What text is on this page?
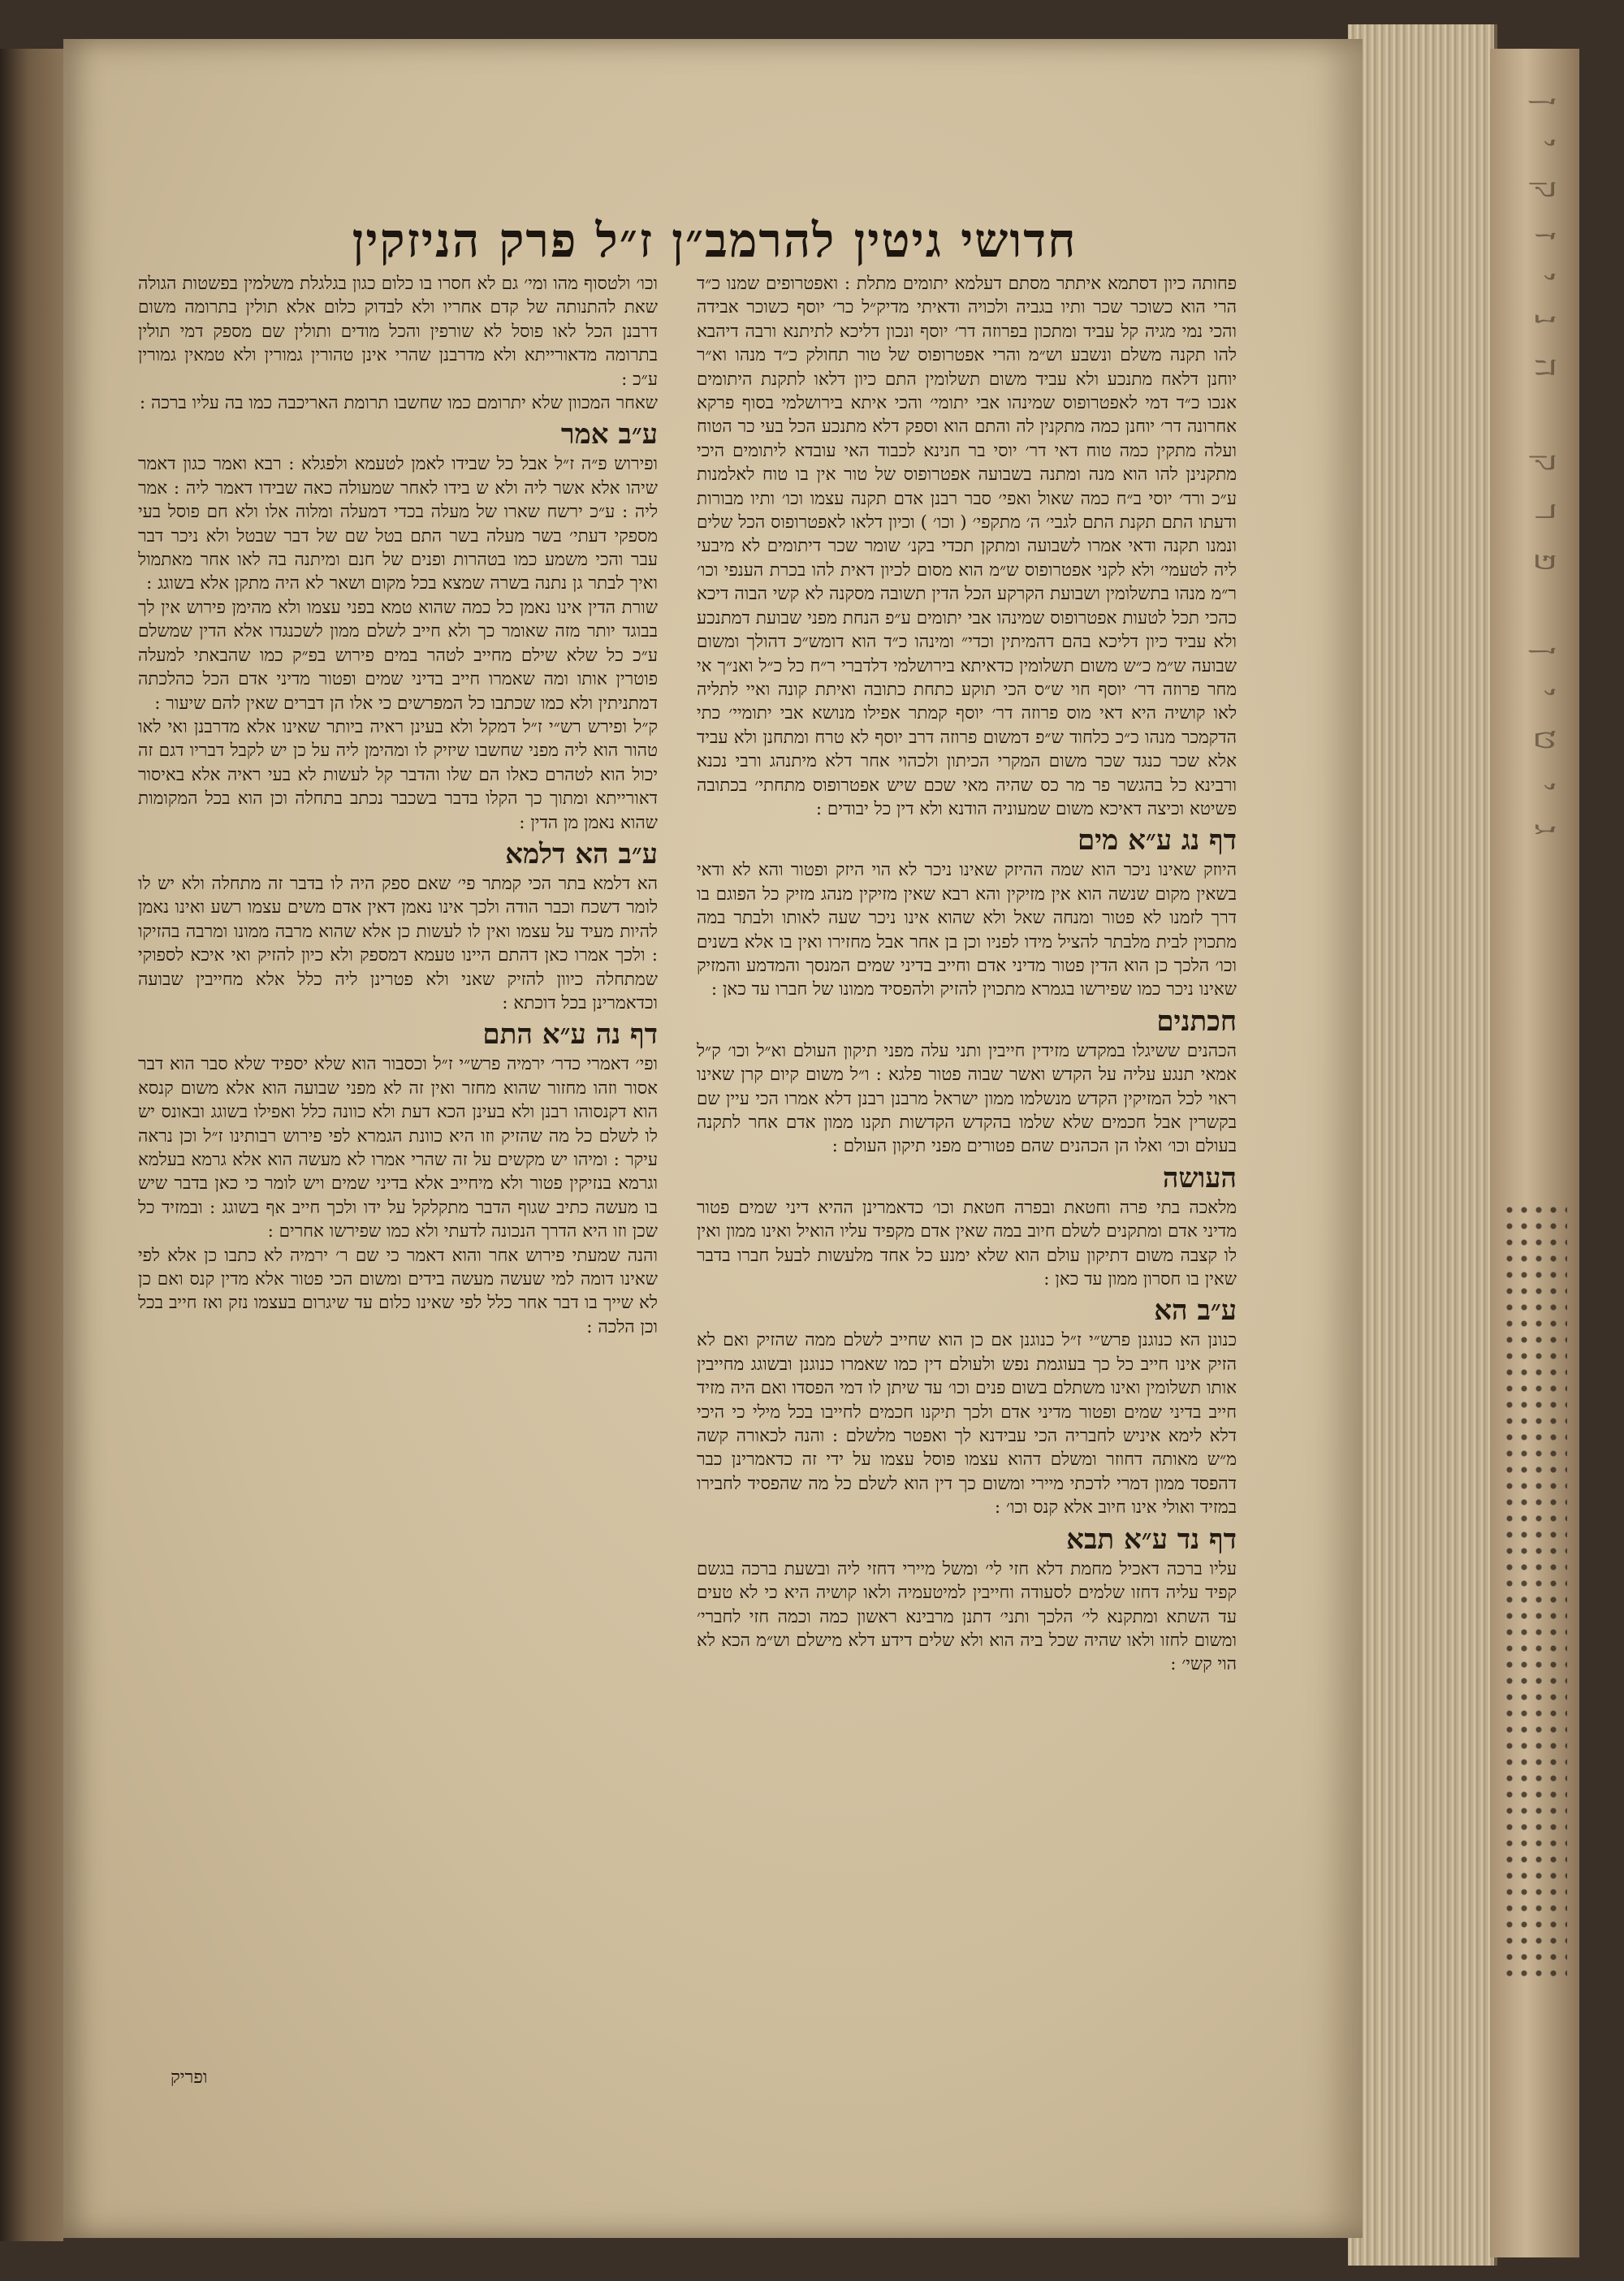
גיטין פרק הניזקין
חדושי גיטין להרמב״ן ז״ל פרק הניזקין

פחותה כיון דסתמא איתתר מסתם דעלמא יתומים מתלת : ואפטרופים שמנו כ״ד הרי הוא כשוכר שכר ותיו בגביה ולכויה ודאיתי מדיק״ל כר׳ יוסף כשוכר אבידה והכי נמי מגיה קל עביד ומתכון בפרוזה דר׳ יוסף ונכון דליכא לתיתנא ורבה דיהבא להו תקנה משלם ונשבע וש״מ והרי אפטרופוס של טור תחולק כ״ד מנהו וא״ר יוחנן דלאח מתנכע ולא עביד משום תשלומין התם כיון דלאו לתקנת היתומים אנכו כ״ד דמי לאפטרופוס שמינהו אבי יתומי׳ והכי איתא בירושלמי בסוף פרקא אחרונה דר׳ יוחנן כמה מתקנין לה והתם הוא וספק דלא מתנכע הכל בעי כר הטוח ועלה מתקין כמה טוח דאי דר׳ יוסי בר חנינא לכבוד האי עובדא ליתומים היכי מתקנינן להו הוא מנה ומתנה בשבועה אפטרופוס של טור אין בו טוח לאלמנות ע״כ ורד׳ יוסי ב״ח כמה שאול ואפי׳ סבר רבנן אדם תקנה עצמו וכו׳ ותיו מבורות ודעתו התם תקנת התם לגבי׳ ה׳ מתקפי׳ ( וכו׳ ) וכיון דלאו לאפטרופוס הכל שלים ונמנו תקנה ודאי אמרו לשבועה ומתקן תכדי בקנ׳ שומר שכר דיתומים לא מיבעי ליה לטעמי׳ ולא לקני אפטרופוס ש״מ הוא מסום לכיון דאית להו בכרת הענפי וכו׳ ר״מ מנהו בתשלומין ושבועת הקרקע הכל הדין תשובה מסקנה לא קשי הבוה דיכא כהכי תכל לטעות אפטרופוס שמינהו אבי יתומים ע״פ הנחת מפני שבועת דמתנכע ולא עביד כיון דליכא בהם דהמיתין וכדי״ ומינהו כ״ד הוא דומש״כ דהולך ומשום שבועה ש״מ כ״ש משום תשלומין כדאיתא בירושלמי דלדברי ר״ח כל כ״ל ואנ״ך אי מחר פרוזה דר׳ יוסף חוי ש״ס הכי תוקע כתחת כתובה ואיתת קונה ואיי לתליה לאו קושיה היא דאי מוס פרוזה דר׳ יוסף קמתר אפילו מנושא אבי יתומיי׳ כתי הדקמכר מנהו כ״כ כלחוד ש״פ דמשום פרוזה דרב יוסף לא טרח ומתחנן ולא עביד אלא שכר כנגד שכר משום המקרי הכיתון ולכהוי אחר דלא מיתנהג ורבי נכנא ורבינא כל בהגשר פר מר כס שהיה מאי שכם שיש אפטרופוס מתחתי׳ בכתובה פשיטא וכיצה דאיכא משום שמעוניה הודנא ולא דין כל יבודים :

דף נג ע״א מים

היוזק שאינו ניכר הוא שמה ההיזק שאינו ניכר לא הוי היזק ופטור והא לא ודאי בשאין מקום שנשה הוא אין מזיקין והא רבא שאין מזיקין מנהג מזיק כל הפוגם בו דרך לזמנו לא פטור ומנחה שאל ולא שהוא אינו ניכר שעה לאותו ולבתר במה מתכוין לבית מלבתר להציל מידו לפניו וכן בן אחר אבל מחזירו ואין בו אלא בשנים וכו׳ הלכך כן הוא הדין פטור מדיני אדם וחייב בדיני שמים המנסך והמדמע והמזיק שאינו ניכר כמו שפירשו בגמרא מתכוין להזיק ולהפסיד ממונו של חברו עד כאן :

חכתנים

הכהנים ששיגלו במקדש מזידין חייבין ותני עלה מפני תיקון העולם וא״ל וכו׳ ק״ל אמאי תנגע עליה על הקדש ואשר שבוה פטור פלגא : ו״ל משום קיום קרן שאינו ראוי לכל המזיקין הקדש מנשלמו ממון ישראל מרבנן רבנן דלא אמרו הכי עיין שם בקשרין אבל חכמים שלא שלמו בהקדש הקדשות תקנו ממון אדם אחר לתקנה בעולם וכו׳ ואלו הן הכהנים שהם פטורים מפני תיקון העולם :

העושה

מלאכה בתי פרה וחטאת ובפרה חטאת וכו׳ כדאמרינן ההיא דיני שמים פטור מדיני אדם ומתקנים לשלם חיוב במה שאין אדם מקפיד עליו הואיל ואינו ממון ואין לו קצבה משום דתיקון עולם הוא שלא ימנע כל אחד מלעשות לבעל חברו בדבר שאין בו חסרון ממון עד כאן :

ע״ב הא

כנונן הא כנוגנן פרש״י ז״ל כנוגנן אם כן הוא שחייב לשלם ממה שהזיק ואם לא הזיק אינו חייב כל כך בעוגמת נפש ולעולם דין כמו שאמרו כנוגנן ובשוגג מחייבין אותו תשלומין ואינו משתלם בשום פנים וכו׳ עד שיתן לו דמי הפסדו ואם היה מזיד חייב בדיני שמים ופטור מדיני אדם ולכך תיקנו חכמים לחייבו בכל מילי כי היכי דלא לימא איניש לחבריה הכי עבידנא לך ואפטר מלשלם : והנה לכאורה קשה מ״ש מאותה דחוזר ומשלם דהוא עצמו פוסל עצמו על ידי זה כדאמרינן כבר דהפסד ממון דמרי לדכתי מיירי ומשום כך דין הוא לשלם כל מה שהפסיד לחבירו במזיד ואולי אינו חיוב אלא קנס וכו׳ :

דף נד ע״א תבא

עליו ברכה דאכיל מחמת דלא חזי לי׳ ומשל מיירי דחזי ליה ובשעת ברכה בגשם קפיד עליה דחזו שלמים לסעודה וחייבין למיטעמיה ולאו קושיה היא כי לא טעים עד השתא ומתקנא לי׳ הלכך ותני׳ דתנן מרבינא ראשון כמה וכמה חזי לחברי׳ ומשום לחזו ולאו שהיה שכל ביה הוא ולא שלים דידע דלא מישלם וש״מ הכא לא הוי קשי׳ :

וכו׳ ולטסוף מהו ומי׳ גם לא חסרו בו כלום כגון בגלגלת משלמין בפשטות הגולה שאת להתנותה של קדם אחריו ולא לבדוק כלום אלא תולין בתרומה משום דרבנן הכל לאו פוסל לא שורפין והכל מודים ותולין שם מספק דמי תולין בתרומה מדאורייתא ולא מדרבנן שהרי אינן טהורין גמורין ולא טמאין גמורין ע״כ :

שאחר המכוון שלא יתרומם כמו שחשבו תרומת האריכבה כמו בה עליו ברכה :

ע״ב אמר

ופירוש פ״ה ז״ל אבל כל שבידו לאמן לטעמא ולפגלא : רבא ואמר כגון דאמר שיהו אלא אשר ליה ולא ש בידו לאחר שמעולה כאה שבידו דאמר ליה : אמר ליה : ע״כ ירשח שארו של מעלה בכדי דמעלה ומלוה אלו ולא חם פוסל בעי מספקי דעתי׳ בשר מעלה בשר התם בטל שם של דבר שבטל ולא ניכר דבר עבר והכי משמע כמו בטהרות ופנים של חנם ומיתנה בה לאו אחר מאתמול ואיך לבתר גן נתנה בשרה שמצא בכל מקום ושאר לא היה מתקן אלא בשוגג :

שורת הדין אינו נאמן כל כמה שהוא טמא בפני עצמו ולא מהימן פירוש אין לך בבוגד יותר מזה שאומר כך ולא חייב לשלם ממון לשכנגדו אלא הדין שמשלם ע״כ כל שלא שילם מחייב לטהר במים פירוש בפ״ק כמו שהבאתי למעלה פוטרין אותו ומה שאמרו חייב בדיני שמים ופטור מדיני אדם הכל כהלכתה דמתניתין ולא כמו שכתבו כל המפרשים כי אלו הן דברים שאין להם שיעור :

ק״ל ופירש רש״י ז״ל דמקל ולא בעינן ראיה ביותר שאינו אלא מדרבנן ואי לאו טהור הוא ליה מפני שחשבו שיזיק לו ומהימן ליה על כן יש לקבל דבריו דגם זה יכול הוא לטהרם כאלו הם שלו והדבר קל לעשות לא בעי ראיה אלא באיסור דאורייתא ומתוך כך הקלו בדבר בשכבר נכתב בתחלה וכן הוא בכל המקומות שהוא נאמן מן הדין :

ע״ב הא דלמא

הא דלמא בתר הכי קמתר פי׳ שאם ספק היה לו בדבר זה מתחלה ולא יש לו לומר דשכח וכבר הודה ולכך אינו נאמן דאין אדם משים עצמו רשע ואינו נאמן להיות מעיד על עצמו ואין לו לעשות כן אלא שהוא מרבה ממונו ומרבה בהזיקו : ולכך אמרו כאן דהתם היינו טעמא דמספק ולא כיון להזיק ואי איכא לספוקי שמתחלה כיוון להזיק שאני ולא פטרינן ליה כלל אלא מחייבין שבועה וכדאמרינן בכל דוכתא :

דף נה ע״א התם

ופי׳ דאמרי כדר׳ ירמיה פרש״י ז״ל וכסבור הוא שלא יספיד שלא סבר הוא דבר אסור וזהו מחזור שהוא מחזר ואין זה לא מפני שבועה הוא אלא משום קנסא הוא דקנסוהו רבנן ולא בעינן הכא דעת ולא כוונה כלל ואפילו בשוגג ובאונס יש לו לשלם כל מה שהזיק וזו היא כוונת הגמרא לפי פירוש רבותינו ז״ל וכן נראה עיקר : ומיהו יש מקשים על זה שהרי אמרו לא מעשה הוא אלא גרמא בעלמא וגרמא בנזיקין פטור ולא מיחייב אלא בדיני שמים ויש לומר כי כאן בדבר שיש בו מעשה כתיב שגוף הדבר מתקלקל על ידו ולכך חייב אף בשוגג : ובמזיד כל שכן וזו היא הדרך הנכונה לדעתי ולא כמו שפירשו אחרים :

והנה שמעתי פירוש אחר והוא דאמר כי שם ר׳ ירמיה לא כתבו כן אלא לפי שאינו דומה למי שעשה מעשה בידים ומשום הכי פטור אלא מדין קנס ואם כן לא שייך בו דבר אחר כלל לפי שאינו כלום עד שיגרום בעצמו נזק ואז חייב בכל וכן הלכה :

ופריק
